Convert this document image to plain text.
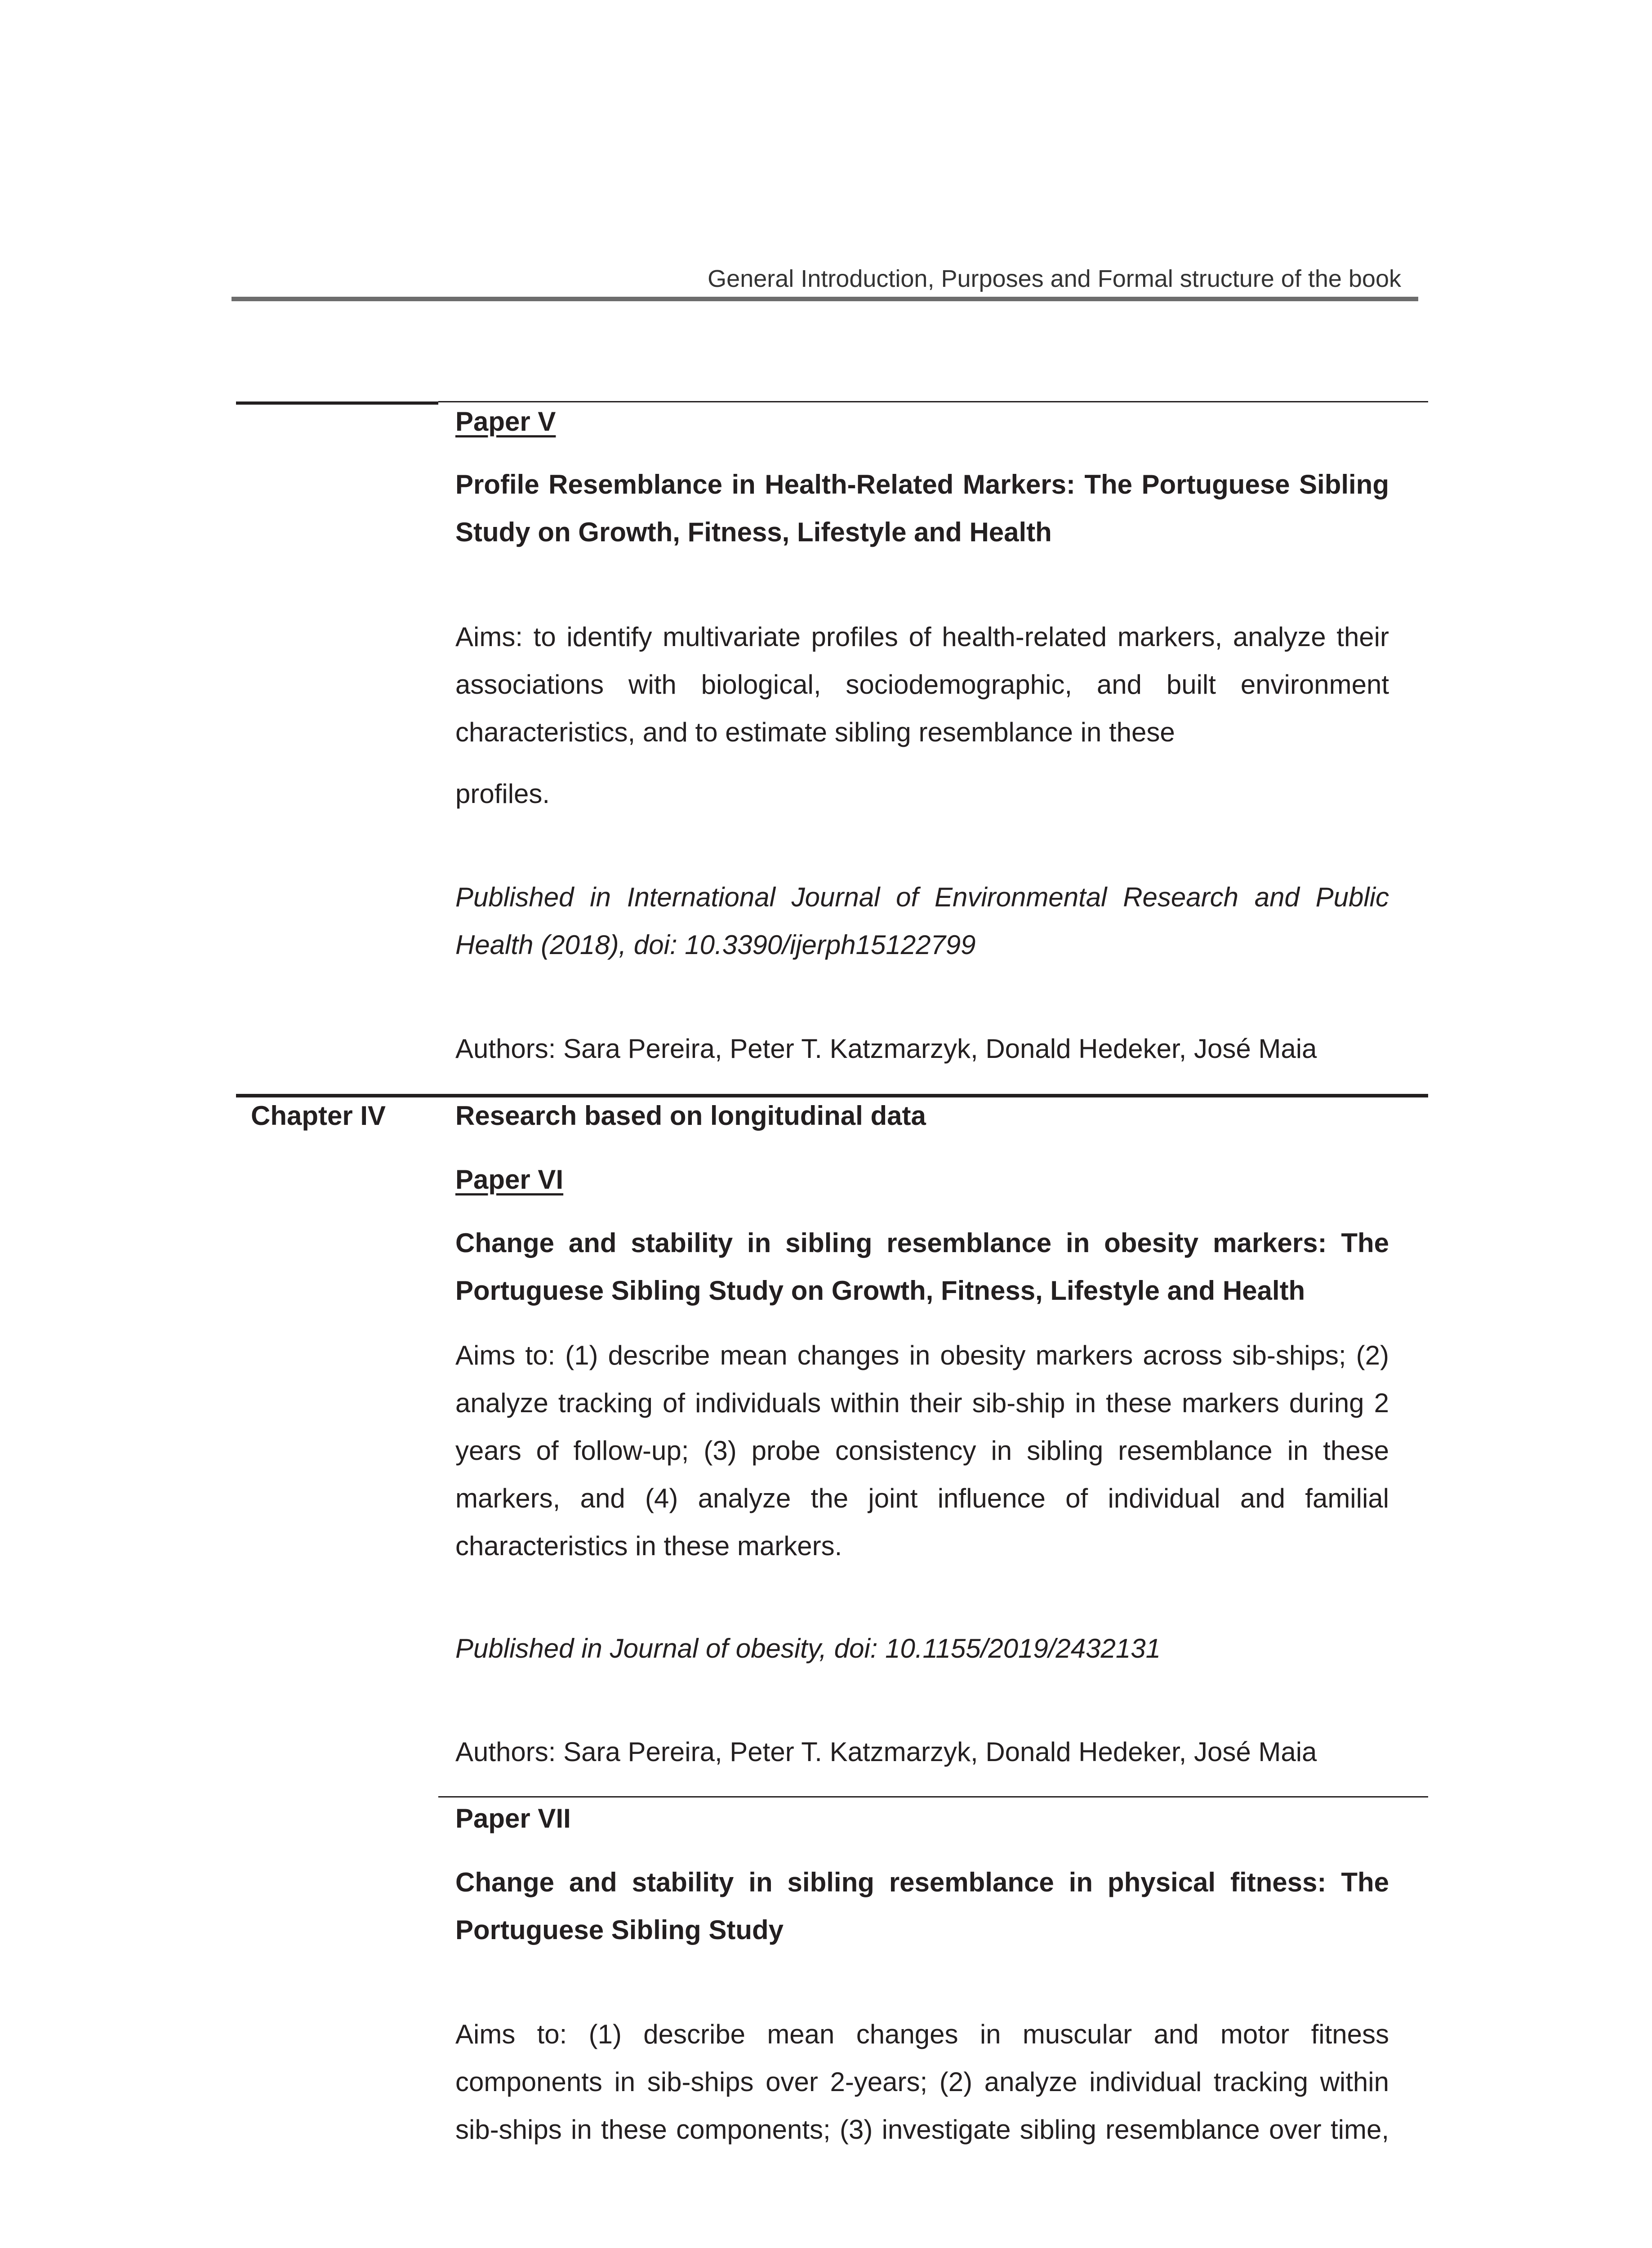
General Introduction, Purposes and Formal structure of the book
Paper V
Profile Resemblance in Health-Related Markers: The Portuguese Sibling
Study on Growth, Fitness, Lifestyle and Health
Aims: to identify multivariate profiles of health-related markers, analyze their
associations with biological, sociodemographic, and built environment
characteristics, and to estimate sibling resemblance in these
profiles.
Published in International Journal of Environmental Research and Public
Health (2018), doi: 10.3390/ijerph15122799
Authors: Sara Pereira, Peter T. Katzmarzyk, Donald Hedeker, José Maia
Chapter IV	Research based on longitudinal data
Paper VI
Change and stability in sibling resemblance in obesity markers: The
Portuguese Sibling Study on Growth, Fitness, Lifestyle and Health
Aims to: (1) describe mean changes in obesity markers across sib-ships; (2)
analyze tracking of individuals within their sib-ship in these markers during 2
years of follow-up; (3) probe consistency in sibling resemblance in these
markers, and (4) analyze the joint influence of individual and familial
characteristics in these markers.
Published in Journal of obesity, doi: 10.1155/2019/2432131
Authors: Sara Pereira, Peter T. Katzmarzyk, Donald Hedeker, José Maia
Paper VII
Change and stability in sibling resemblance in physical fitness: The
Portuguese Sibling Study
Aims to: (1) describe mean changes in muscular and motor fitness
components in sib-ships over 2-years; (2) analyze individual tracking within
sib-ships in these components; (3) investigate sibling resemblance over time,
